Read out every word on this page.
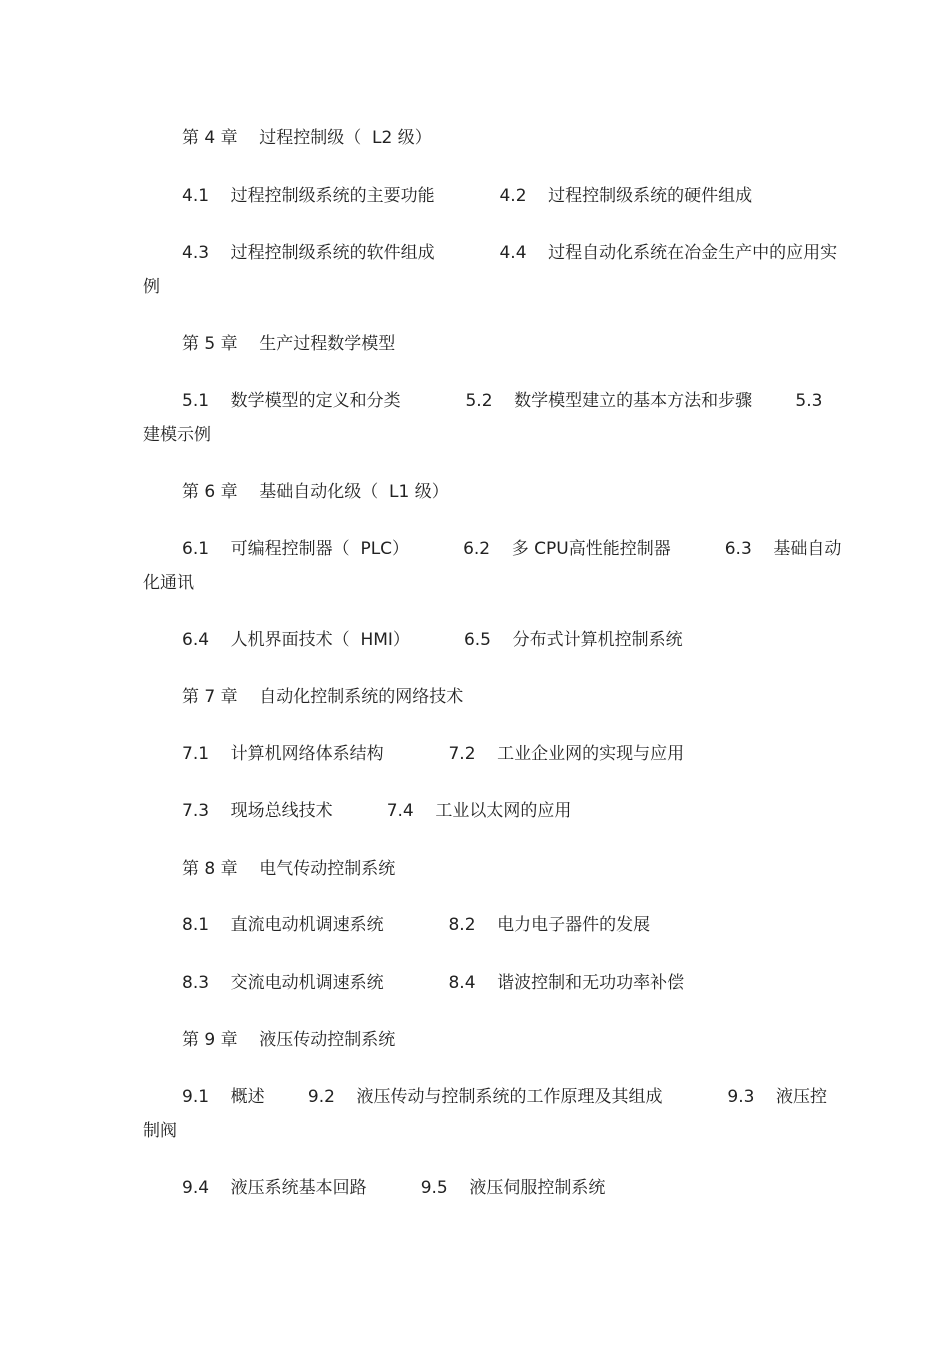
第 4 章    过程控制级（  L2 级）

4.1    过程控制级系统的主要功能            4.2    过程控制级系统的硬件组成

4.3    过程控制级系统的软件组成            4.4    过程自动化系统在冶金生产中的应用实例

第 5 章    生产过程数学模型

5.1    数学模型的定义和分类            5.2    数学模型建立的基本方法和步骤        5.3    建模示例

第 6 章    基础自动化级（  L1 级）

6.1    可编程控制器（  PLC）          6.2    多 CPU高性能控制器          6.3    基础自动化通讯

6.4    人机界面技术（  HMI）          6.5    分布式计算机控制系统

第 7 章    自动化控制系统的网络技术

7.1    计算机网络体系结构            7.2    工业企业网的实现与应用

7.3    现场总线技术          7.4    工业以太网的应用

第 8 章    电气传动控制系统

8.1    直流电动机调速系统            8.2    电力电子器件的发展

8.3    交流电动机调速系统            8.4    谐波控制和无功功率补偿

第 9 章    液压传动控制系统

9.1    概述        9.2    液压传动与控制系统的工作原理及其组成            9.3    液压控制阀

9.4    液压系统基本回路          9.5    液压伺服控制系统
